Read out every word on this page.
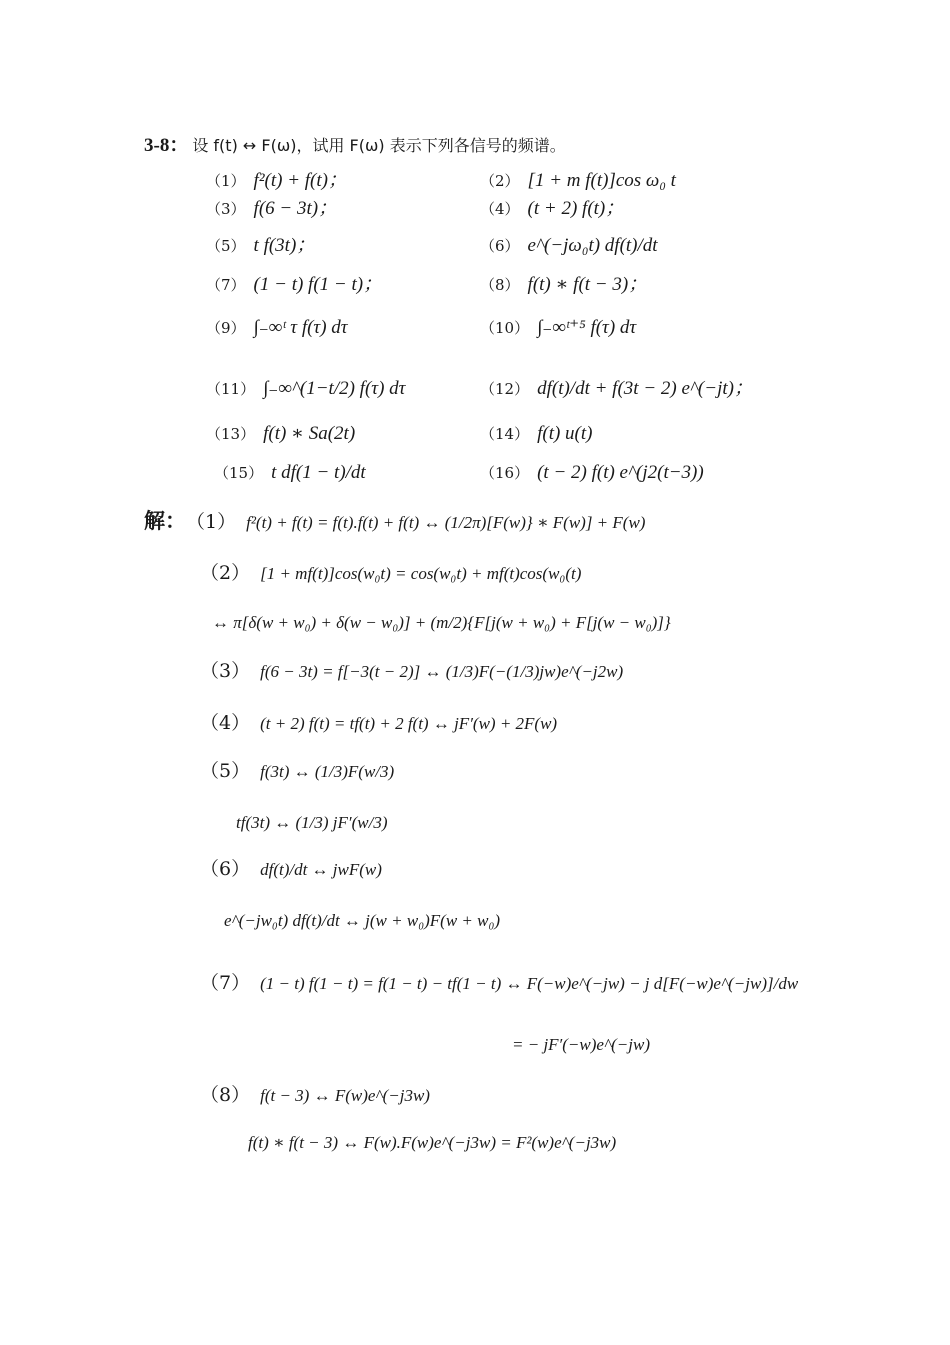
3-8： 设 f(t) ↔ F(ω)，试用 F(ω) 表示下列各信号的频谱。
（1） f²(t) + f(t)；	（2） [1 + m f(t)]cos ω₀ t
（3） f(6 − 3t)；	（4） (t + 2) f(t)；
（5） t f(3t)；	（6） e^(−jω₀t) df(t)/dt
（7） (1 − t) f(1 − t)；	（8） f(t) ∗ f(t − 3)；
（9） ∫₋∞ᵗ τ f(τ) dτ	（10） ∫₋∞ᵗ⁺⁵ f(τ) dτ
（11） ∫₋∞^(1−t/2) f(τ) dτ	（12） df(t)/dt + f(3t − 2) e^(−jt)；
（13） f(t) ∗ Sa(2t)	（14） f(t) u(t)
（15） t df(1 − t)/dt	（16） (t − 2) f(t) e^(j2(t−3))
解：（1） f²(t) + f(t) = f(t).f(t) + f(t) ↔ (1/2π)[F(w)} ∗ F(w)] + F(w)
（2） [1 + mf(t)]cos(w₀t) = cos(w₀t) + mf(t)cos(w₀(t)
↔ π[δ(w + w₀) + δ(w − w₀)] + (m/2){F[j(w + w₀) + F[j(w − w₀)]}
（3） f(6 − 3t) = f[−3(t − 2)] ↔ (1/3)F(−(1/3)jw)e^(−j2w)
（4） (t + 2) f(t) = tf(t) + 2 f(t) ↔ jF′(w) + 2F(w)
（5） f(3t) ↔ (1/3)F(w/3)
tf(3t) ↔ (1/3) jF′(w/3)
（6） df(t)/dt ↔ jwF(w)
e^(−jw₀t) df(t)/dt ↔ j(w + w₀)F(w + w₀)
（7） (1 − t) f(1 − t) = f(1 − t) − tf(1 − t) ↔ F(−w)e^(−jw) − j d[F(−w)e^(−jw)]/dw
= − jF′(−w)e^(−jw)
（8） f(t − 3) ↔ F(w)e^(−j3w)
f(t) ∗ f(t − 3) ↔ F(w).F(w)e^(−j3w) = F²(w)e^(−j3w)
